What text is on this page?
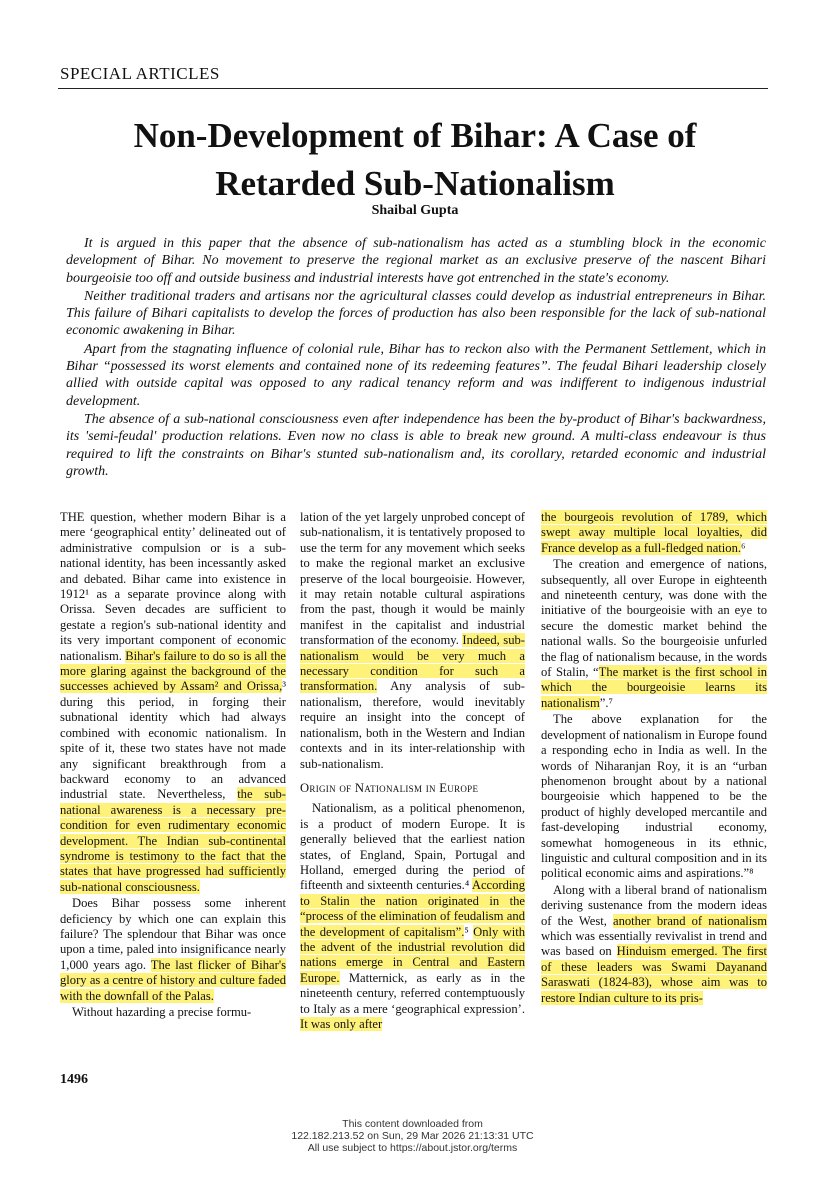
SPECIAL ARTICLES
Non-Development of Bihar: A Case of
Retarded Sub-Nationalism
Shaibal Gupta

It is argued in this paper that the absence of sub-nationalism has acted as a stumbling block in the economic development of Bihar. No movement to preserve the regional market as an exclusive preserve of the nascent Bihari bourgeoisie too off and outside business and industrial interests have got entrenched in the state's economy.

Neither traditional traders and artisans nor the agricultural classes could develop as industrial entrepreneurs in Bihar. This failure of Bihari capitalists to develop the forces of production has also been responsible for the lack of sub-national economic awakening in Bihar.

Apart from the stagnating influence of colonial rule, Bihar has to reckon also with the Permanent Settlement, which in Bihar “possessed its worst elements and contained none of its redeeming features”. The feudal Bihari leadership closely allied with outside capital was opposed to any radical tenancy reform and was indifferent to indigenous industrial development.

The absence of a sub-national consciousness even after independence has been the by-product of Bihar's backwardness, its 'semi-feudal' production relations. Even now no class is able to break new ground. A multi-class endeavour is thus required to lift the constraints on Bihar's stunted sub-nationalism and, its corollary, retarded economic and industrial growth.

THE question, whether modern Bihar is a mere ‘geographical entity’ delineated out of administrative compulsion or is a sub-national identity, has been incessantly asked and debated. Bihar came into existence in 1912¹ as a separate province along with Orissa. Seven decades are sufficient to gestate a region's sub-national identity and its very important component of economic nationalism. Bihar's failure to do so is all the more glaring against the background of the successes achieved by Assam² and Orissa,³ during this period, in forging their subnational identity which had always combined with economic nationalism. In spite of it, these two states have not made any significant breakthrough from a backward economy to an advanced industrial state. Nevertheless, the sub-national awareness is a necessary pre-condition for even rudimentary economic development. The Indian sub-continental syndrome is testimony to the fact that the states that have progressed had sufficiently sub-national consciousness.

Does Bihar possess some inherent deficiency by which one can explain this failure? The splendour that Bihar was once upon a time, paled into insignificance nearly 1,000 years ago. The last flicker of Bihar's glory as a centre of history and culture faded with the downfall of the Palas.

Without hazarding a precise formu-

lation of the yet largely unprobed concept of sub-nationalism, it is tentatively proposed to use the term for any movement which seeks to make the regional market an exclusive preserve of the local bourgeoisie. However, it may retain notable cultural aspirations from the past, though it would be mainly manifest in the capitalist and industrial transformation of the economy. Indeed, sub-nationalism would be very much a necessary condition for such a transformation. Any analysis of sub-nationalism, therefore, would inevitably require an insight into the concept of nationalism, both in the Western and Indian contexts and in its inter-relationship with sub-nationalism.

Origin of Nationalism in Europe

Nationalism, as a political phenomenon, is a product of modern Europe. It is generally believed that the earliest nation states, of England, Spain, Portugal and Holland, emerged during the period of fifteenth and sixteenth centuries.⁴ According to Stalin the nation originated in the “process of the elimination of feudalism and the development of capitalism”.⁵ Only with the advent of the industrial revolution did nations emerge in Central and Eastern Europe. Matternick, as early as in the nineteenth century, referred contemptuously to Italy as a mere ‘geographical expression’. It was only after

the bourgeois revolution of 1789, which swept away multiple local loyalties, did France develop as a full-fledged nation.⁶

The creation and emergence of nations, subsequently, all over Europe in eighteenth and nineteenth century, was done with the initiative of the bourgeoisie with an eye to secure the domestic market behind the national walls. So the bourgeoisie unfurled the flag of nationalism because, in the words of Stalin, “The market is the first school in which the bourgeoisie learns its nationalism”.⁷

The above explanation for the development of nationalism in Europe found a responding echo in India as well. In the words of Niharanjan Roy, it is an “urban phenomenon brought about by a national bourgeoisie which happened to be the product of highly developed mercantile and fast-developing industrial economy, somewhat homogeneous in its ethnic, linguistic and cultural composition and in its political economic aims and aspirations.”⁸

Along with a liberal brand of nationalism deriving sustenance from the modern ideas of the West, another brand of nationalism which was essentially revivalist in trend and was based on Hinduism emerged. The first of these leaders was Swami Dayanand Saraswati (1824-83), whose aim was to restore Indian culture to its pris-

1496
This content downloaded from
122.182.213.52 on Sun, 29 Mar 2026 21:13:31 UTC
All use subject to https://about.jstor.org/terms
